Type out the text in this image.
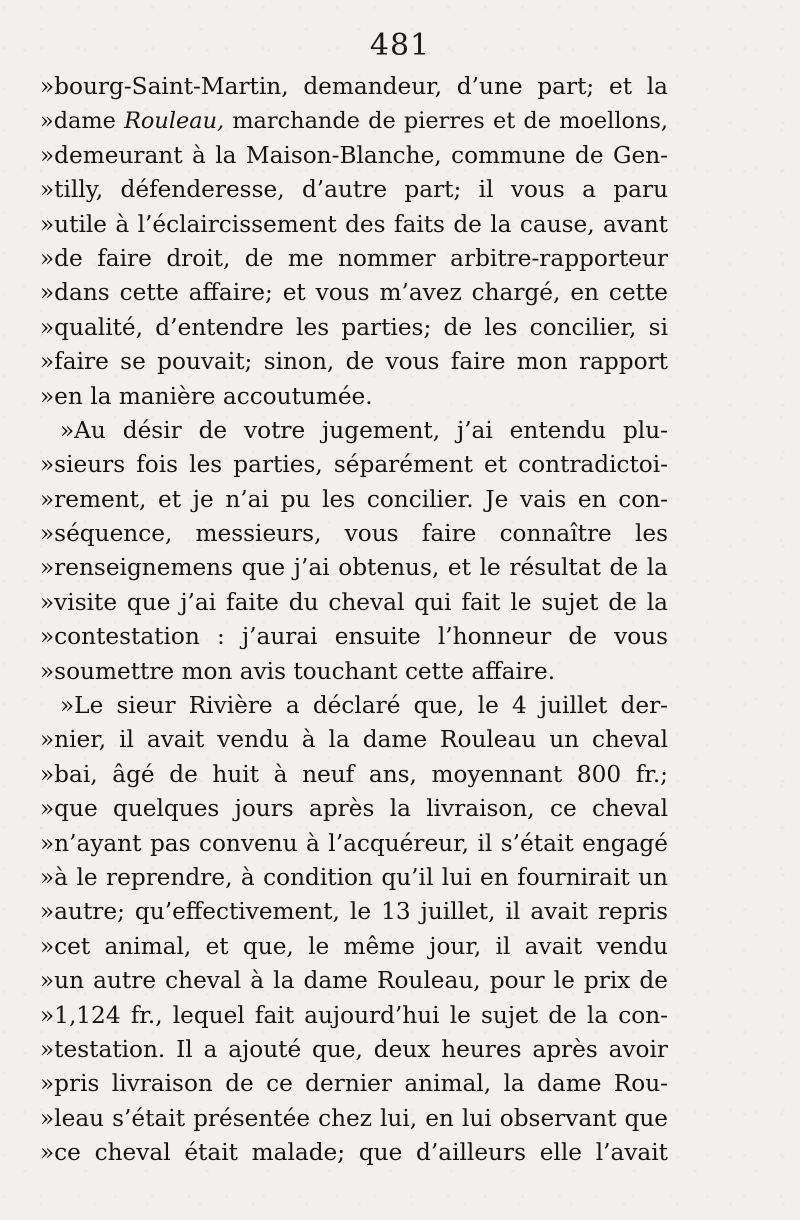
481
»bourg-Saint-Martin, demandeur, d’une part; et la
»dame Rouleau, marchande de pierres et de moellons,
»demeurant à la Maison-Blanche, commune de Gen-
»tilly, défenderesse, d’autre part; il vous a paru
»utile à l’éclaircissement des faits de la cause, avant
»de faire droit, de me nommer arbitre-rapporteur
»dans cette affaire; et vous m’avez chargé, en cette
»qualité, d’entendre les parties; de les concilier, si
»faire se pouvait; sinon, de vous faire mon rapport
»en la manière accoutumée.
»Au désir de votre jugement, j’ai entendu plu-
»sieurs fois les parties, séparément et contradictoi-
»rement, et je n’ai pu les concilier. Je vais en con-
»séquence, messieurs, vous faire connaître les
»renseignemens que j’ai obtenus, et le résultat de la
»visite que j’ai faite du cheval qui fait le sujet de la
»contestation : j’aurai ensuite l’honneur de vous
»soumettre mon avis touchant cette affaire.
»Le sieur Rivière a déclaré que, le 4 juillet der-
»nier, il avait vendu à la dame Rouleau un cheval
»bai, âgé de huit à neuf ans, moyennant 800 fr.;
»que quelques jours après la livraison, ce cheval
»n’ayant pas convenu à l’acquéreur, il s’était engagé
»à le reprendre, à condition qu’il lui en fournirait un
»autre; qu’effectivement, le 13 juillet, il avait repris
»cet animal, et que, le même jour, il avait vendu
»un autre cheval à la dame Rouleau, pour le prix de
»1,124 fr., lequel fait aujourd’hui le sujet de la con-
»testation. Il a ajouté que, deux heures après avoir
»pris livraison de ce dernier animal, la dame Rou-
»leau s’était présentée chez lui, en lui observant que
»ce cheval était malade; que d’ailleurs elle l’avait
